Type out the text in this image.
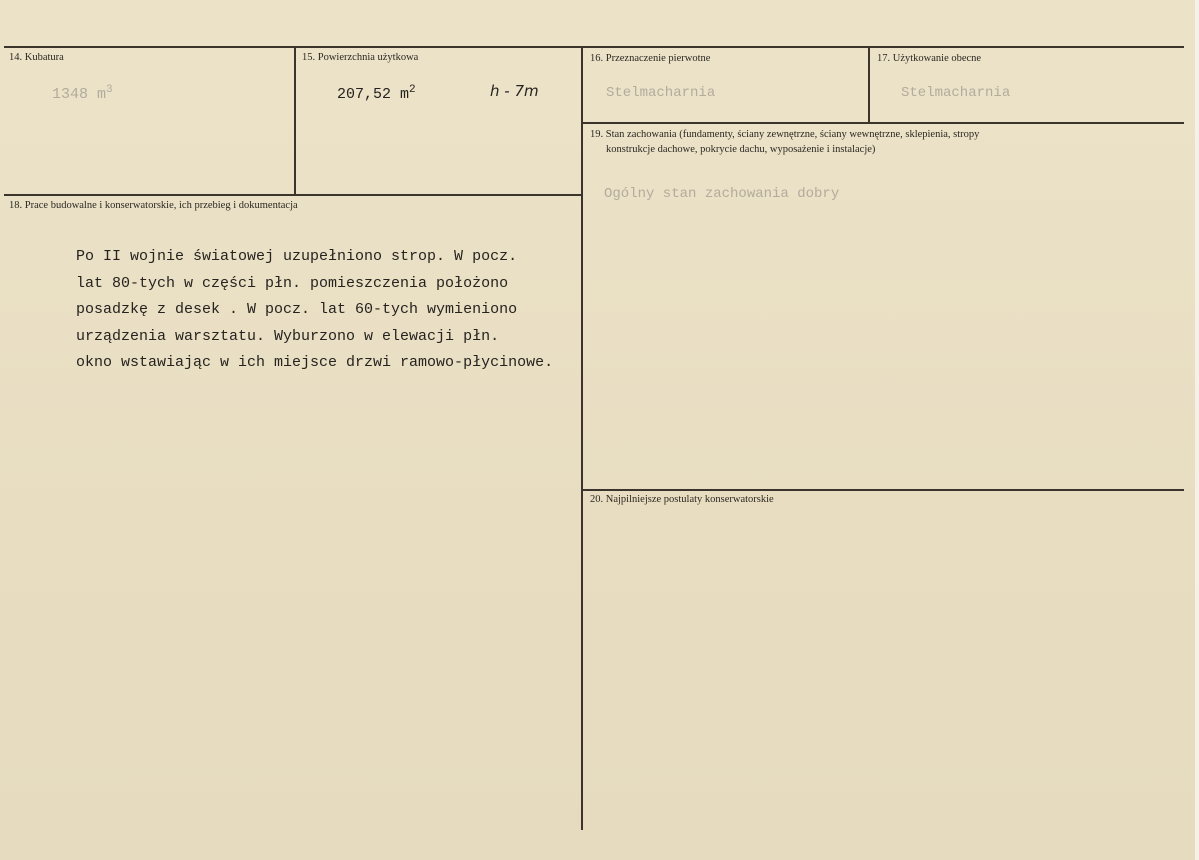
14. Kubatura
1348 $m^3$
15. Powierzchnia użytkowa
207,52 $m^2$	h - 7m
16. Przeznaczenie pierwotne
Stelmacharnia
17. Użytkowanie obecne
Stelmacharnia
19. Stan zachowania (fundamenty, ściany zewnętrzne, ściany wewnętrzne, sklepienia, stropy
konstrukcje dachowe, pokrycie dachu, wyposażenie i instalacje)
Ogólny stan zachowania dobry
18. Prace budowalne i konserwatorskie, ich przebieg i dokumentacja
Po II wojnie światowej uzupełniono strop. W pocz.
lat 80-tych w części płn. pomieszczenia położono
posadzkę z desek . W pocz. lat 60-tych wymieniono
urządzenia warsztatu. Wyburzono w elewacji płn.
okno wstawiając w ich miejsce drzwi ramowo-płycinowe.
20. Najpilniejsze postulaty konserwatorskie
